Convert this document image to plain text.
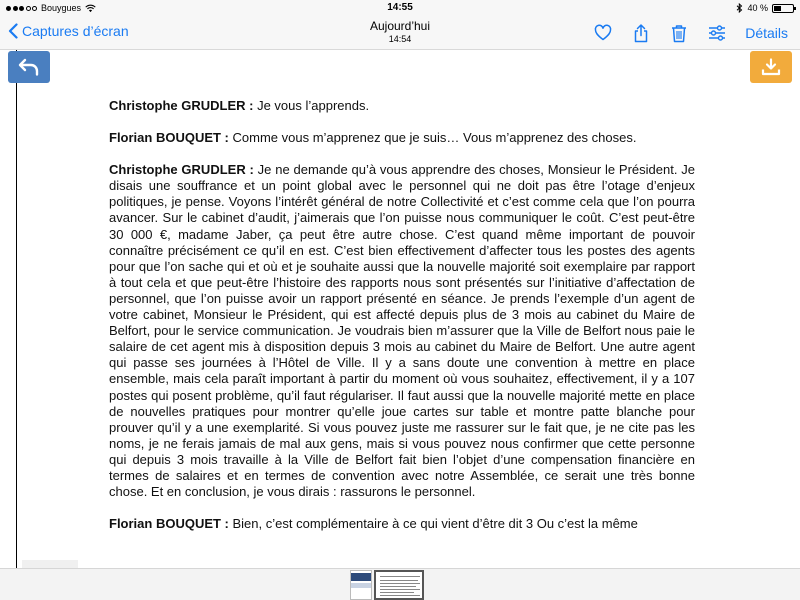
Bouygues	14:55	40 %
Captures d’écran	Aujourd’hui
14:54	Détails

Christophe GRUDLER : Je vous l’apprends.

Florian BOUQUET : Comme vous m’apprenez que je suis… Vous m’apprenez des choses.

Christophe GRUDLER : Je ne demande qu’à vous apprendre des choses, Monsieur le Président. Je disais une souffrance et un point global avec le personnel qui ne doit pas être l’otage d’enjeux politiques, je pense. Voyons l’intérêt général de notre Collectivité et c’est comme cela que l’on pourra avancer. Sur le cabinet d’audit, j’aimerais que l’on puisse nous communiquer le coût. C’est peut-être 30 000 €, madame Jaber, ça peut être autre chose. C’est quand même important de pouvoir connaître précisément ce qu’il en est. C’est bien effectivement d’affecter tous les postes des agents pour que l’on sache qui et où et je souhaite aussi que la nouvelle majorité soit exemplaire par rapport à tout cela et que peut-être l’histoire des rapports nous sont présentés sur l’initiative d’affectation de personnel, que l’on puisse avoir un rapport présenté en séance. Je prends l’exemple d’un agent de votre cabinet, Monsieur le Président, qui est affecté depuis plus de 3 mois au cabinet du Maire de Belfort, pour le service communication. Je voudrais bien m’assurer que la Ville de Belfort nous paie le salaire de cet agent mis à disposition depuis 3 mois au cabinet du Maire de Belfort. Une autre agent qui passe ses journées à l’Hôtel de Ville. Il y a sans doute une convention à mettre en place ensemble, mais cela paraît important à partir du moment où vous souhaitez, effectivement, il y a 107 postes qui posent problème, qu’il faut régulariser. Il faut aussi que la nouvelle majorité mette en place de nouvelles pratiques pour montrer qu’elle joue cartes sur table et montre patte blanche pour prouver qu’il y a une exemplarité. Si vous pouvez juste me rassurer sur le fait que, je ne cite pas les noms, je ne ferais jamais de mal aux gens, mais si vous pouvez nous confirmer que cette personne qui depuis 3 mois travaille à la Ville de Belfort fait bien l’objet d’une compensation financière en termes de salaires et en termes de convention avec notre Assemblée, ce serait une très bonne chose. Et en conclusion, je vous dirais : rassurons le personnel.

Florian BOUQUET : Bien, c’est complémentaire à ce qui vient d’être dit 3 Ou c’est la même
